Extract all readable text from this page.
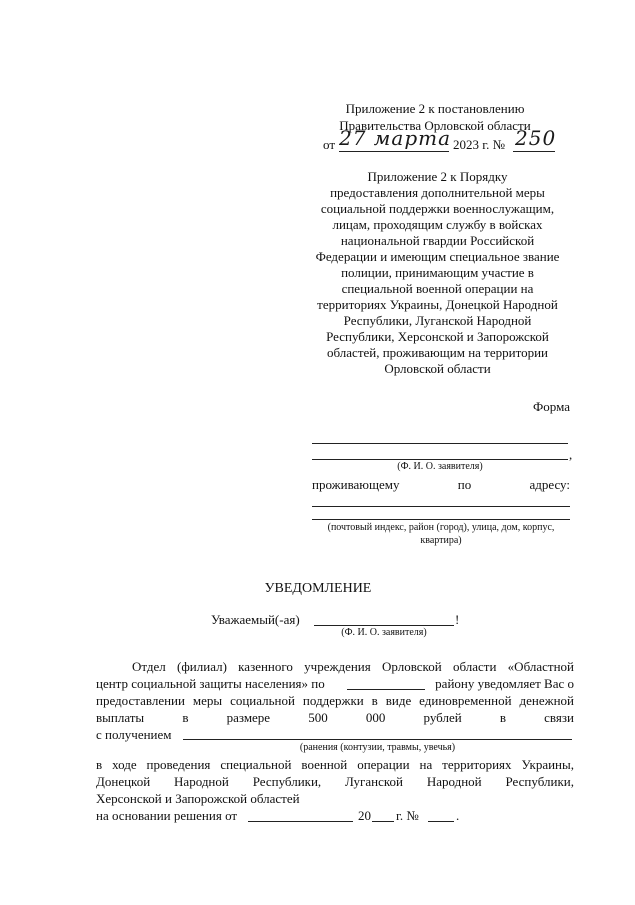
Приложение 2 к постановлению
Правительства Орловской области
от 27 марта 2023 г. № 250
Приложение 2 к Порядку
предоставления дополнительной меры
социальной поддержки военнослужащим,
лицам, проходящим службу в войсках
национальной гвардии Российской
Федерации и имеющим специальное звание
полиции, принимающим участие в
специальной военной операции на
территориях Украины, Донецкой Народной
Республики, Луганской Народной
Республики, Херсонской и Запорожской
областей, проживающим на территории
Орловской области
Форма
,
(Ф. И. О. заявителя)
проживающему	по	адресу:
(почтовый индекс, район (город), улица, дом, корпус,
квартира)
УВЕДОМЛЕНИЕ
Уважаемый(-ая)	!
(Ф. И. О. заявителя)
Отдел (филиал) казенного учреждения Орловской области «Областной
центр социальной защиты населения» по	району уведомляет Вас о
предоставлении меры социальной поддержки в виде единовременной денежной
выплаты	в	размере	500	000	рублей	в	связи
с получением
(ранения (контузии, травмы, увечья)
в ходе проведения специальной военной операции на территориях Украины,
Донецкой Народной Республики, Луганской Народной Республики,
Херсонской и Запорожской областей
на основании решения от	20 г. №	.
